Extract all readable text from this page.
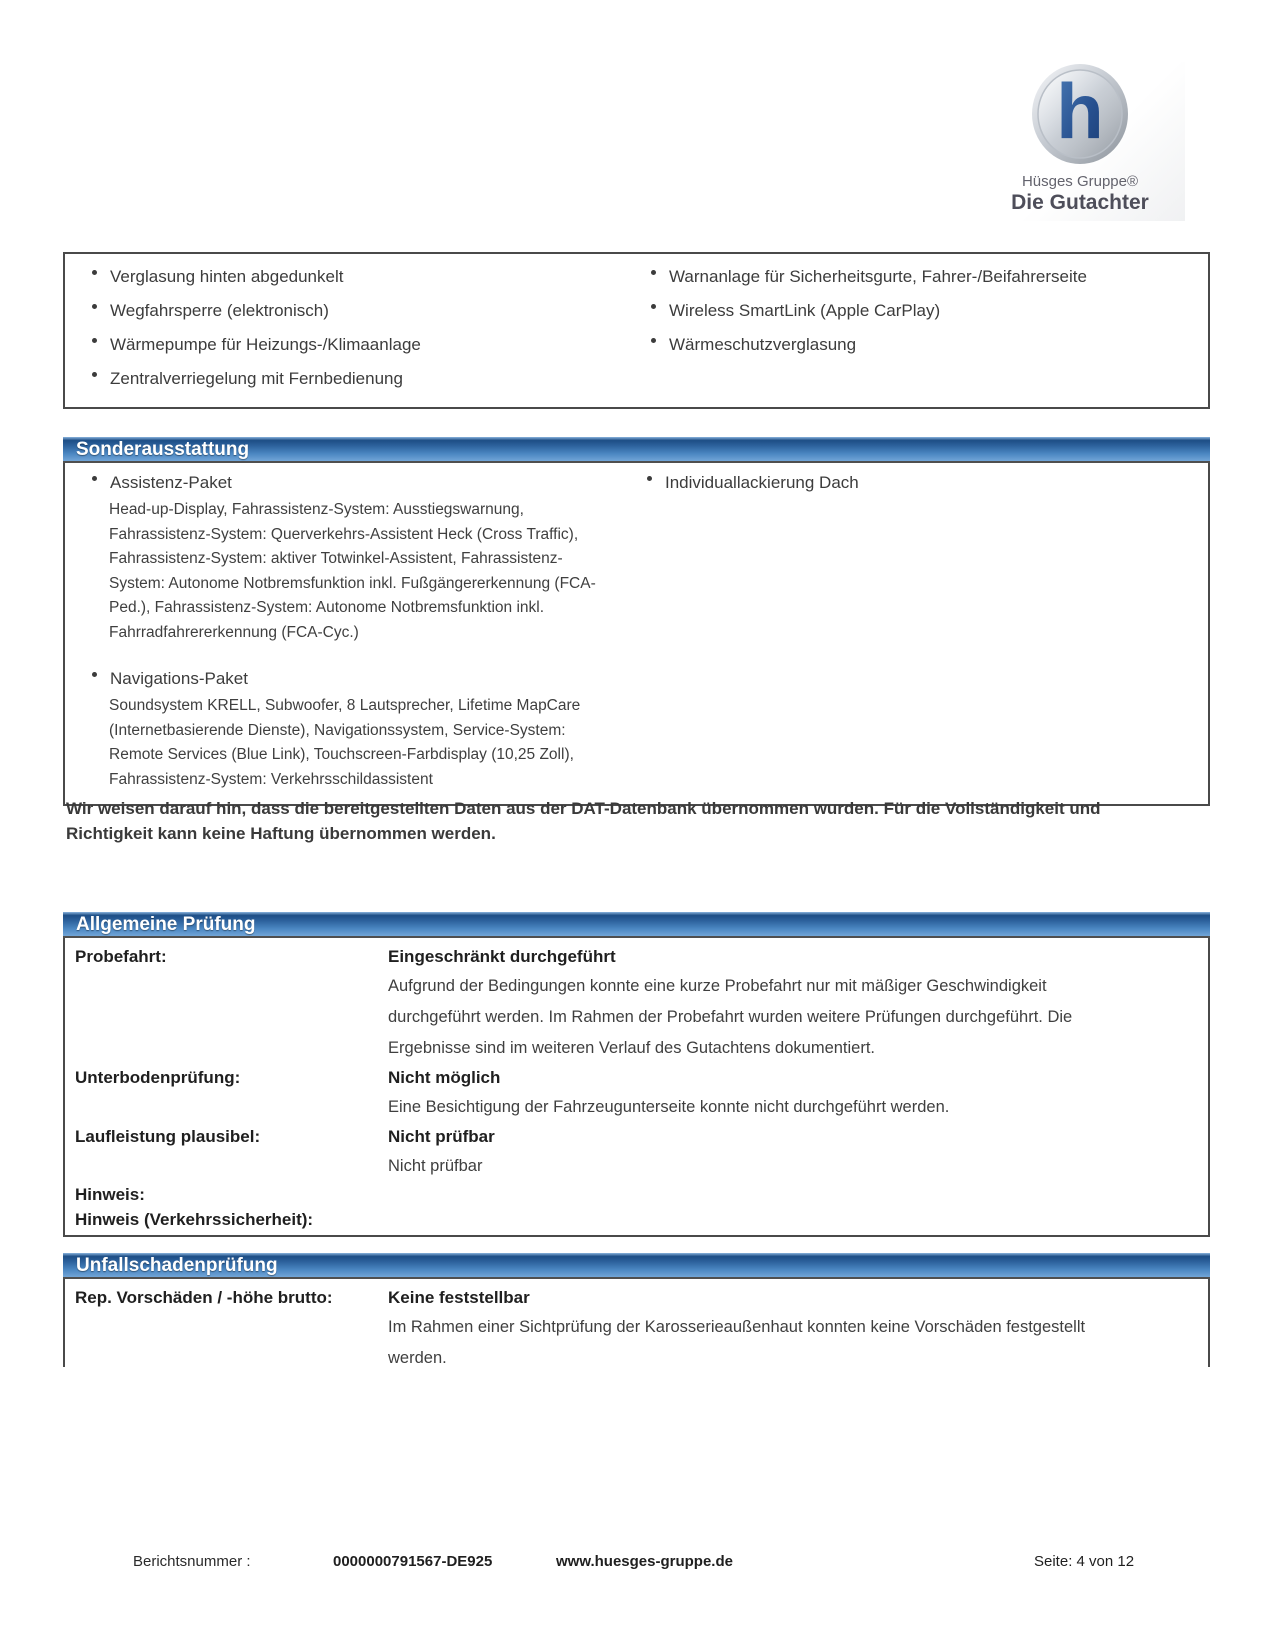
h
Hüsges Gruppe®
Die Gutachter
Verglasung hinten abgedunkelt
Wegfahrsperre (elektronisch)
Wärmepumpe für Heizungs-/Klimaanlage
Zentralverriegelung mit Fernbedienung
Warnanlage für Sicherheitsgurte, Fahrer-/Beifahrerseite
Wireless SmartLink (Apple CarPlay)
Wärmeschutzverglasung
Sonderausstattung
Assistenz-Paket
Head-up-Display, Fahrassistenz-System: Ausstiegswarnung, Fahrassistenz-System: Querverkehrs-Assistent Heck (Cross Traffic), Fahrassistenz-System: aktiver Totwinkel-Assistent, Fahrassistenz-System: Autonome Notbremsfunktion inkl. Fußgängererkennung (FCA-Ped.), Fahrassistenz-System: Autonome Notbremsfunktion inkl. Fahrradfahrererkennung (FCA-Cyc.)
Navigations-Paket
Soundsystem KRELL, Subwoofer, 8 Lautsprecher, Lifetime MapCare (Internetbasierende Dienste), Navigationssystem, Service-System: Remote Services (Blue Link), Touchscreen-Farbdisplay (10,25 Zoll), Fahrassistenz-System: Verkehrsschildassistent
Individuallackierung Dach
Wir weisen darauf hin, dass die bereitgestellten Daten aus der DAT-Datenbank übernommen wurden. Für die Vollständigkeit und Richtigkeit kann keine Haftung übernommen werden.
Allgemeine Prüfung
Probefahrt:	Eingeschränkt durchgeführt
Aufgrund der Bedingungen konnte eine kurze Probefahrt nur mit mäßiger Geschwindigkeit durchgeführt werden. Im Rahmen der Probefahrt wurden weitere Prüfungen durchgeführt. Die Ergebnisse sind im weiteren Verlauf des Gutachtens dokumentiert.
Unterbodenprüfung:	Nicht möglich
Eine Besichtigung der Fahrzeugunterseite konnte nicht durchgeführt werden.
Laufleistung plausibel:	Nicht prüfbar
Nicht prüfbar
Hinweis:
Hinweis (Verkehrssicherheit):
Unfallschadenprüfung
Rep. Vorschäden / -höhe brutto:	Keine feststellbar
Im Rahmen einer Sichtprüfung der Karosserieaußenhaut konnten keine Vorschäden festgestellt werden.
Berichtsnummer :	0000000791567-DE925	www.huesges-gruppe.de	Seite: 4 von 12
